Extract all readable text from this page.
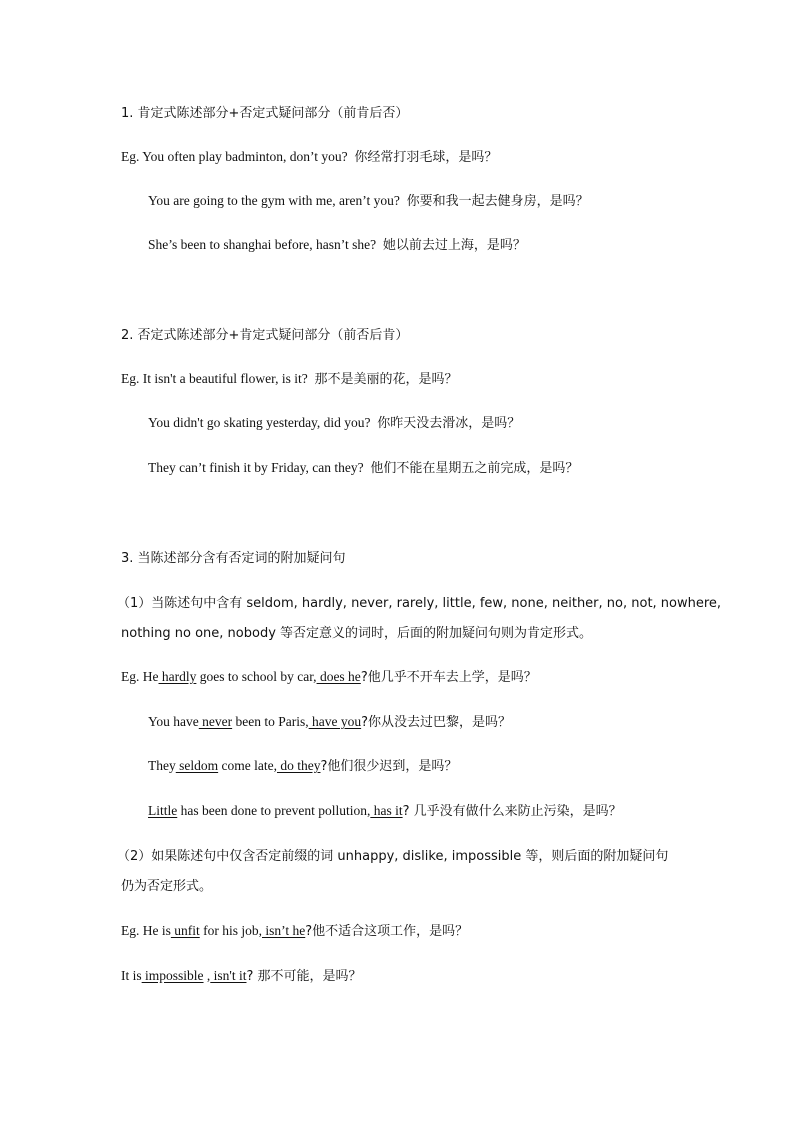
1. 肯定式陈述部分+否定式疑问部分（前肯后否）
Eg. You often play badminton, don’t you? 你经常打羽毛球，是吗？
You are going to the gym with me, aren’t you? 你要和我一起去健身房，是吗？
She’s been to shanghai before, hasn’t she? 她以前去过上海，是吗？
2. 否定式陈述部分+肯定式疑问部分（前否后肯）
Eg. It isn't a beautiful flower, is it? 那不是美丽的花，是吗？
You didn't go skating yesterday, did you? 你昨天没去滑冰，是吗？
They can’t finish it by Friday, can they? 他们不能在星期五之前完成，是吗？
3. 当陈述部分含有否定词的附加疑问句
（1）当陈述句中含有 seldom, hardly, never, rarely, little, few, none, neither, no, not, nowhere,
nothing no one, nobody 等否定意义的词时，后面的附加疑问句则为肯定形式。
Eg. He hardly goes to school by car, does he?他几乎不开车去上学，是吗？
You have never been to Paris, have you?你从没去过巴黎，是吗？
They seldom come late, do they?他们很少迟到，是吗？
Little has been done to prevent pollution, has it? 几乎没有做什么来防止污染，是吗？
（2）如果陈述句中仅含否定前缀的词 unhappy, dislike, impossible 等，则后面的附加疑问句
仍为否定形式。
Eg. He is unfit for his job, isn’t he?他不适合这项工作，是吗？
It is impossible , isn't it? 那不可能，是吗？
